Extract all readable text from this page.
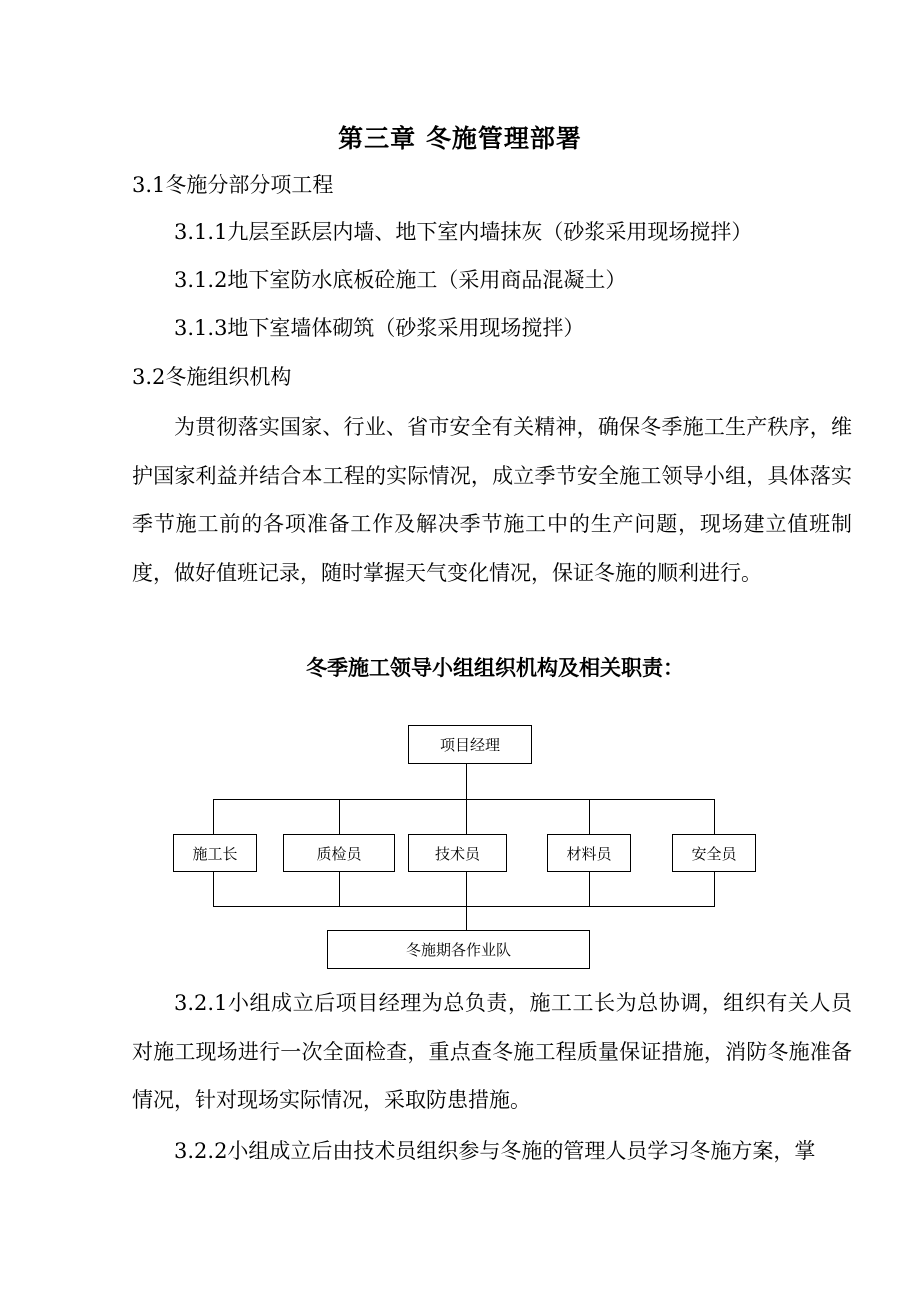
第三章 冬施管理部署
3.1冬施分部分项工程
3.1.1九层至跃层内墙、地下室内墙抹灰（砂浆采用现场搅拌）
3.1.2地下室防水底板砼施工（采用商品混凝土）
3.1.3地下室墙体砌筑（砂浆采用现场搅拌）
3.2冬施组织机构
为贯彻落实国家、行业、省市安全有关精神，确保冬季施工生产秩序，维护国家利益并结合本工程的实际情况，成立季节安全施工领导小组，具体落实季节施工前的各项准备工作及解决季节施工中的生产问题，现场建立值班制度，做好值班记录，随时掌握天气变化情况，保证冬施的顺利进行。
冬季施工领导小组组织机构及相关职责：
项目经理
施工长	质检员	技术员	材料员	安全员
冬施期各作业队
3.2.1小组成立后项目经理为总负责，施工工长为总协调，组织有关人员对施工现场进行一次全面检查，重点查冬施工程质量保证措施，消防冬施准备情况，针对现场实际情况，采取防患措施。
3.2.2小组成立后由技术员组织参与冬施的管理人员学习冬施方案，掌
